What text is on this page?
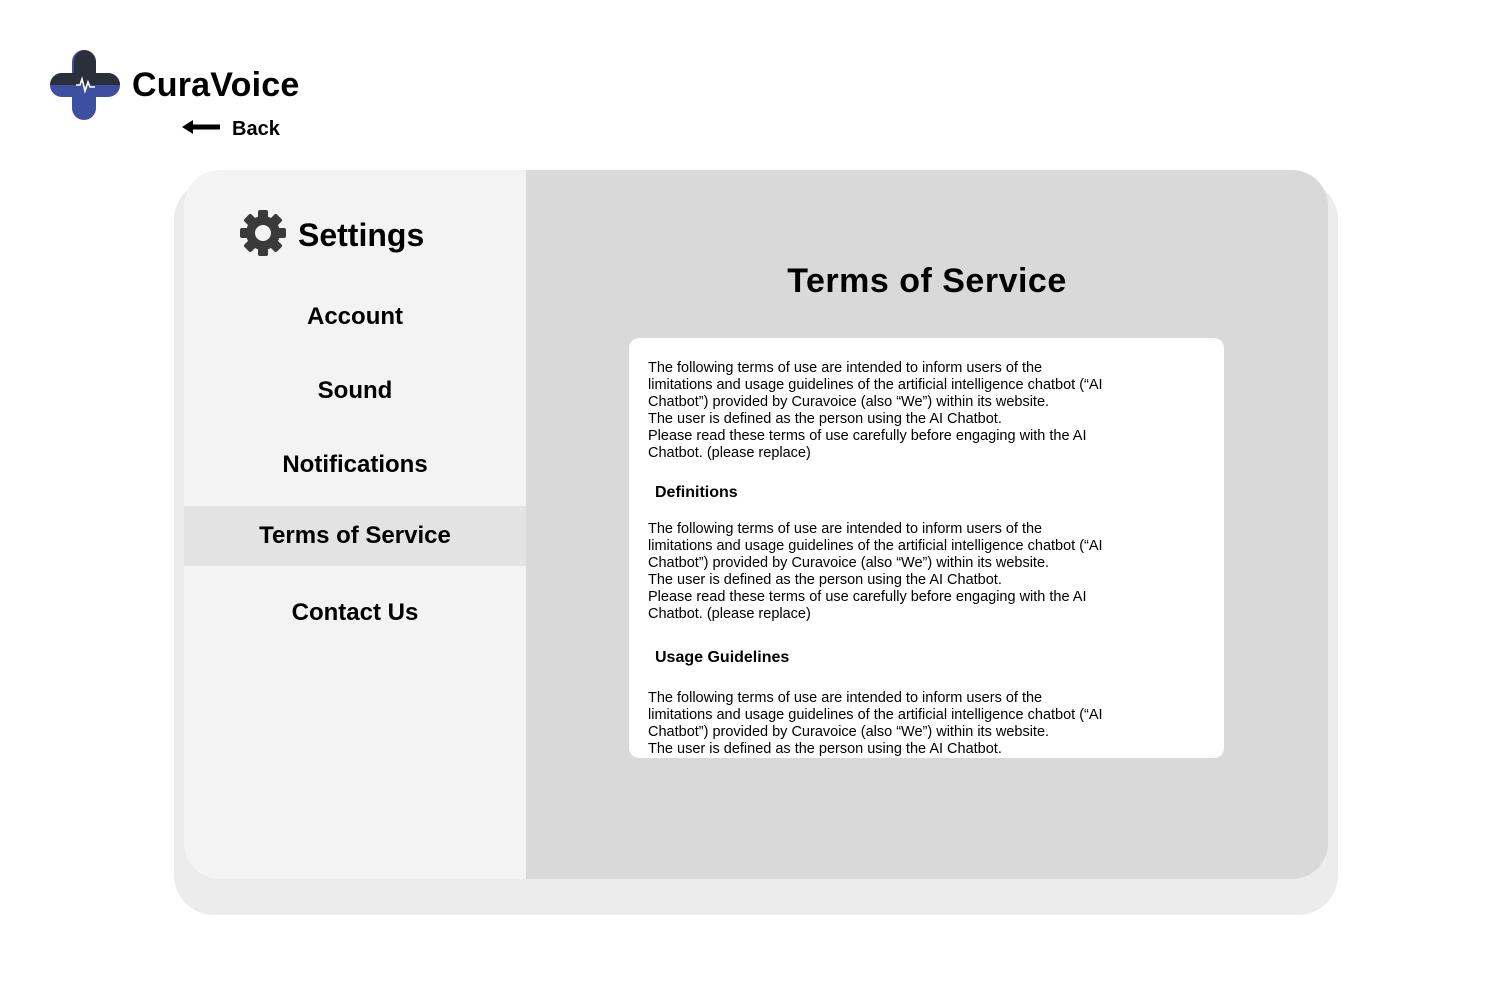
CuraVoice
Back
Settings
Account
Sound
Notifications
Terms of Service
Contact Us
Terms of Service

The following terms of use are intended to inform users of the
limitations and usage guidelines of the artificial intelligence chatbot (“AI
Chatbot”) provided by Curavoice (also “We”) within its website.
The user is defined as the person using the AI Chatbot.
Please read these terms of use carefully before engaging with the AI
Chatbot. (please replace)

Definitions

The following terms of use are intended to inform users of the
limitations and usage guidelines of the artificial intelligence chatbot (“AI
Chatbot”) provided by Curavoice (also “We”) within its website.
The user is defined as the person using the AI Chatbot.
Please read these terms of use carefully before engaging with the AI
Chatbot. (please replace)

Usage Guidelines

The following terms of use are intended to inform users of the
limitations and usage guidelines of the artificial intelligence chatbot (“AI
Chatbot”) provided by Curavoice (also “We”) within its website.
The user is defined as the person using the AI Chatbot.
